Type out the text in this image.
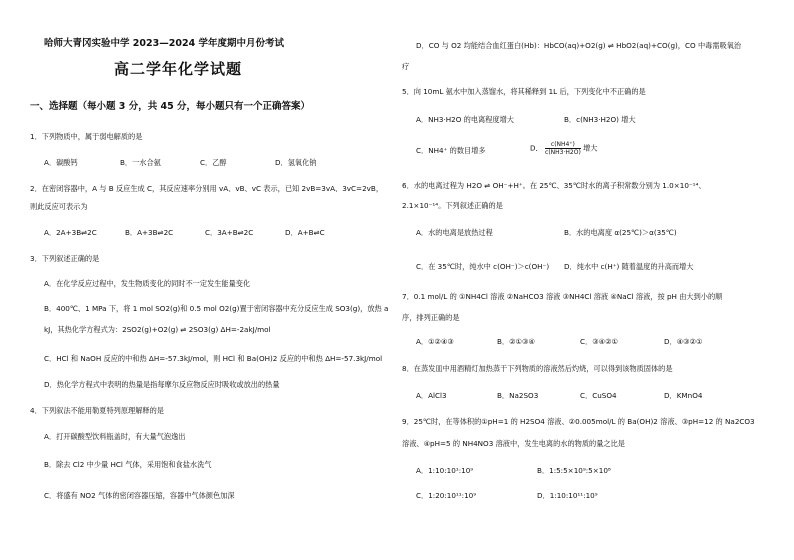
哈师大青冈实验中学 2023—2024 学年度期中月份考试
高二学年化学试题
一、选择题（每小题 3 分，共 45 分，每小题只有一个正确答案）
1．下列物质中，属于弱电解质的是
A．碳酸钙	B．一水合氨	C．乙醇	D．氢氧化钠
2．在密闭容器中，A 与 B 反应生成 C，其反应速率分别用 vA、vB、vC 表示，已知 2vB=3vA、3vC=2vB，
则此反应可表示为
A．2A+3B⇌2C	B．A+3B⇌2C	C．3A+B⇌2C	D．A+B⇌C
3．下列叙述正确的是
A．在化学反应过程中，发生物质变化的同时不一定发生能量变化
B．400℃、1 MPa 下，将 1 mol SO2(g)和 0.5 mol O2(g)置于密闭容器中充分反应生成 SO3(g)，放热 a
kJ，其热化学方程式为：2SO2(g)+O2(g) ⇌ 2SO3(g) ΔH=-2akJ/mol
C．HCl 和 NaOH 反应的中和热 ΔH=-57.3kJ/mol，则 HCl 和 Ba(OH)2 反应的中和热 ΔH=-57.3kJ/mol
D．热化学方程式中表明的热量是指每摩尔反应物反应时吸收或放出的热量
4．下列叙法不能用勒夏特列原理解释的是
A．打开碳酸型饮料瓶盖时，有大量气泡逸出
B．除去 Cl2 中少量 HCl 气体，采用饱和食盐水洗气
C．将盛有 NO2 气体的密闭容器压缩，容器中气体颜色加深
D．CO 与 O2 均能结合血红蛋白(Hb)：HbCO(aq)+O2(g) ⇌ HbO2(aq)+CO(g)，CO 中毒需吸氧治
疗
5．向 10mL 氨水中加入蒸馏水，将其稀释到 1L 后，下列变化中不正确的是
A．NH3·H2O 的电离程度增大	B．c(NH3·H2O) 增大
C．NH4⁺ 的数目增多	D． $\frac{c(NH4^+)}{c(NH3\cdot H2O)}$ 增大
6．水的电离过程为 H2O ⇌ OH⁻+H⁺。在 25℃、35℃时水的离子积常数分别为 1.0×10⁻¹⁴、
2.1×10⁻¹⁴。下列叙述正确的是
A．水的电离是放热过程	B．水的电离度 α(25℃)＞α(35℃)
C．在 35℃时，纯水中 c(OH⁻)＞c(OH⁻) D．纯水中 c(H⁺) 随着温度的升高而增大
7．0.1 mol/L 的 ①NH4Cl 溶液 ②NaHCO3 溶液 ③NH4Cl 溶液 ④NaCl 溶液，按 pH 由大到小的顺
序，排列正确的是
A．①②④③	B．②①③④	C．③④②①	D．④③②①
8．在蒸发皿中用酒精灯加热蒸干下列物质的溶液然后灼烧，可以得到该物质固体的是
A．AlCl3	B．Na2SO3	C．CuSO4	D．KMnO4
9．25℃时，在等体积的①pH=1 的 H2SO4 溶液、②0.005mol/L 的 Ba(OH)2 溶液、③pH=12 的 Na2CO3
溶液、④pH=5 的 NH4NO3 溶液中，发生电离的水的物质的量之比是
A．1:10:10¹:10⁹	B．1:5:5×10⁹:5×10⁸
C．1:20:10¹¹:10⁹	D．1:10:10¹¹:10⁹
